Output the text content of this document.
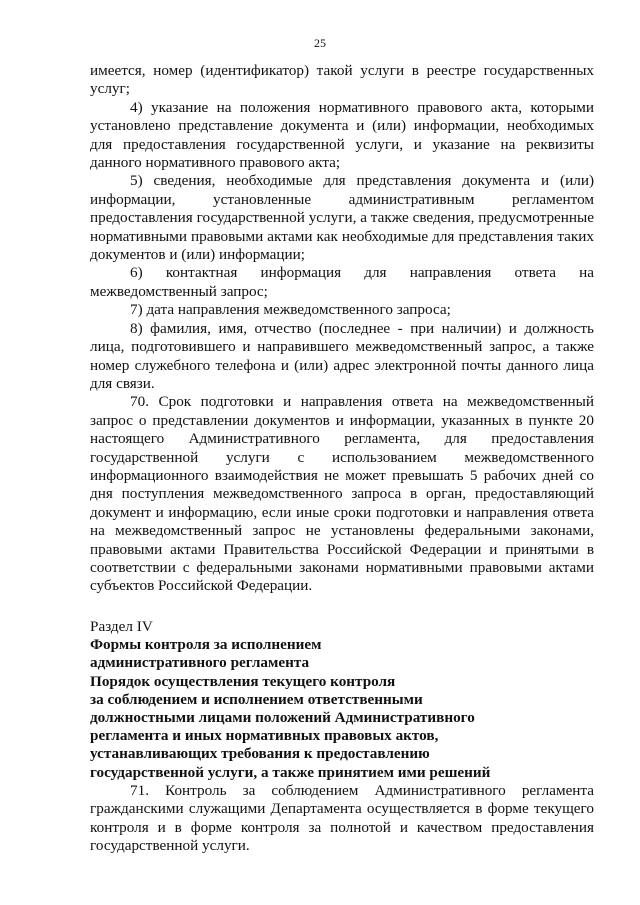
25

имеется, номер (идентификатор) такой услуги в реестре государственных услуг;

4) указание на положения нормативного правового акта, которыми установлено представление документа и (или) информации, необходимых для предоставления государственной услуги, и указание на реквизиты данного нормативного правового акта;

5) сведения, необходимые для представления документа и (или) информации, установленные административным регламентом предоставления государственной услуги, а также сведения, предусмотренные нормативными правовыми актами как необходимые для представления таких документов и (или) информации;

6) контактная информация для направления ответа на межведомственный запрос;

7) дата направления межведомственного запроса;

8) фамилия, имя, отчество (последнее - при наличии) и должность лица, подготовившего и направившего межведомственный запрос, а также номер служебного телефона и (или) адрес электронной почты данного лица для связи.

70. Срок подготовки и направления ответа на межведомственный запрос о представлении документов и информации, указанных в пункте 20 настоящего Административного регламента, для предоставления государственной услуги с использованием межведомственного информационного взаимодействия не может превышать 5 рабочих дней со дня поступления межведомственного запроса в орган, предоставляющий документ и информацию, если иные сроки подготовки и направления ответа на межведомственный запрос не установлены федеральными законами, правовыми актами Правительства Российской Федерации и принятыми в соответствии с федеральными законами нормативными правовыми актами субъектов Российской Федерации.

Раздел IV

Формы контроля за исполнением

административного регламента

Порядок осуществления текущего контроля

за соблюдением и исполнением ответственными

должностными лицами положений Административного

регламента и иных нормативных правовых актов,

устанавливающих требования к предоставлению

государственной услуги, а также принятием ими решений

71. Контроль за соблюдением Административного регламента гражданскими служащими Департамента осуществляется в форме текущего контроля и в форме контроля за полнотой и качеством предоставления государственной услуги.
